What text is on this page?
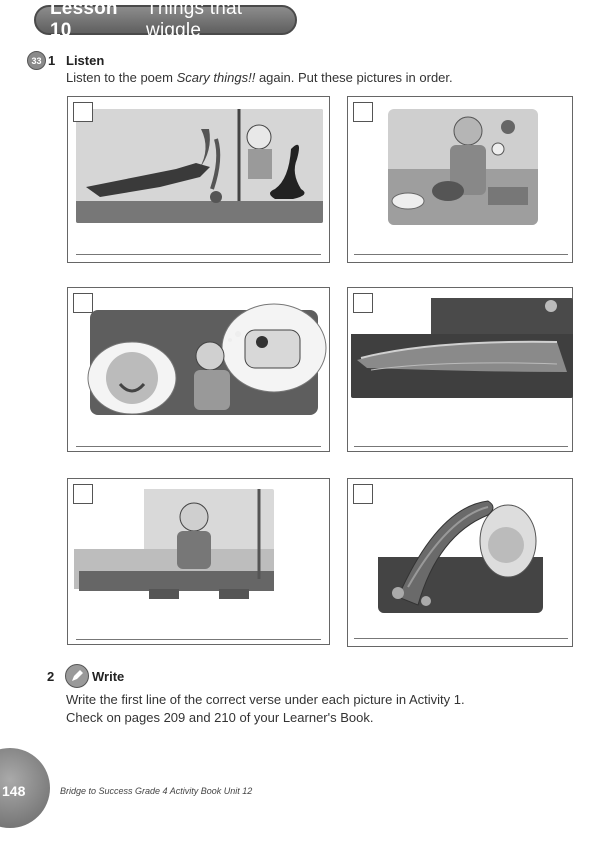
Lesson 10
Things that wiggle
33 1 Listen
Listen to the poem Scary things!! again. Put these pictures in order.
2	Write
Write the first line of the correct verse under each picture in Activity 1.
Check on pages 209 and 210 of your Learner's Book.
148	Bridge to Success Grade 4 Activity Book Unit 12
